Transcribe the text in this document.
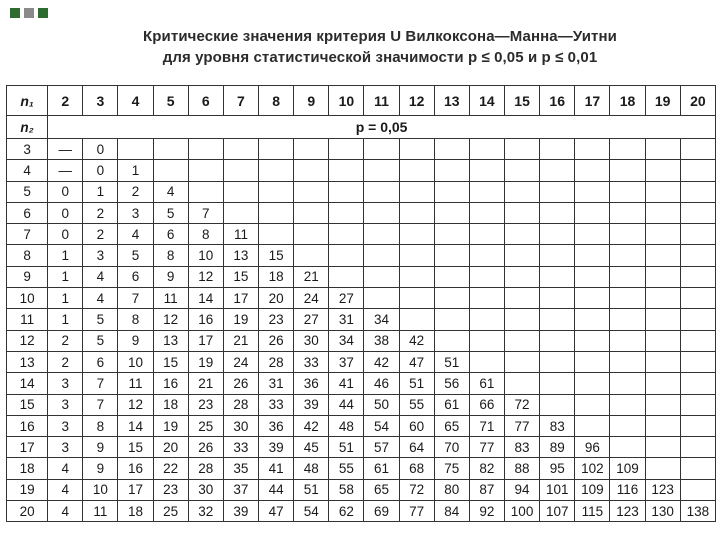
Критические значения критерия U Вилкоксона—Манна—Уитни
для уровня статистической значимости p ≤ 0,05 и p ≤ 0,01
n₁	2	3	4	5	6	7	8	9	10	11	12	13	14	15	16	17	18	19	20
n₂	p = 0,05																		
3	—	0																	
4	—	0	1																
5	0	1	2	4															
6	0	2	3	5	7														
7	0	2	4	6	8	11													
8	1	3	5	8	10	13	15												
9	1	4	6	9	12	15	18	21											
10	1	4	7	11	14	17	20	24	27										
11	1	5	8	12	16	19	23	27	31	34									
12	2	5	9	13	17	21	26	30	34	38	42								
13	2	6	10	15	19	24	28	33	37	42	47	51							
14	3	7	11	16	21	26	31	36	41	46	51	56	61						
15	3	7	12	18	23	28	33	39	44	50	55	61	66	72					
16	3	8	14	19	25	30	36	42	48	54	60	65	71	77	83				
17	3	9	15	20	26	33	39	45	51	57	64	70	77	83	89	96			
18	4	9	16	22	28	35	41	48	55	61	68	75	82	88	95	102	109		
19	4	10	17	23	30	37	44	51	58	65	72	80	87	94	101	109	116	123	
20	4	11	18	25	32	39	47	54	62	69	77	84	92	100	107	115	123	130	138
